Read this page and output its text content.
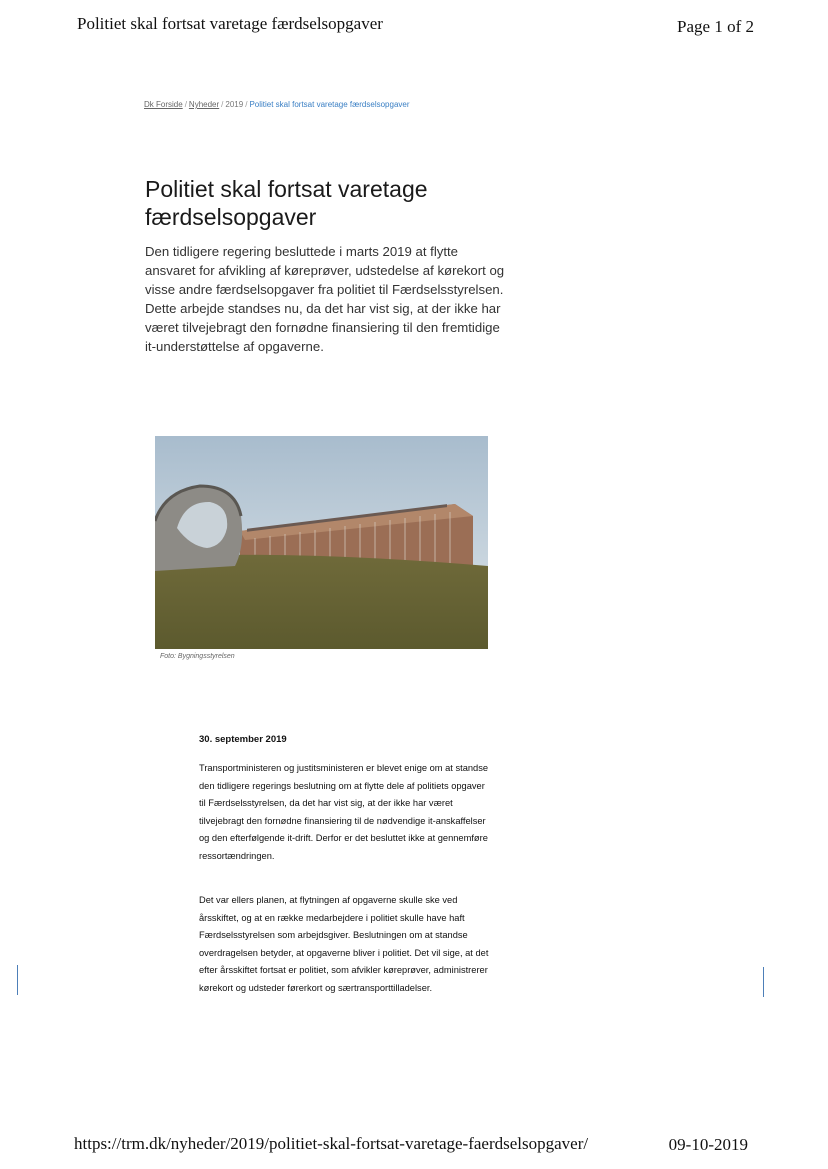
Politiet skal fortsat varetage færdselsopgaver	Page 1 of 2
Dk Forside / Nyheder / 2019 / Politiet skal fortsat varetage færdselsopgaver
Politiet skal fortsat varetage færdselsopgaver

Den tidligere regering besluttede i marts 2019 at flytte ansvaret for afvikling af køreprøver, udstedelse af kørekort og visse andre færdselsopgaver fra politiet til Færdselsstyrelsen. Dette arbejde standses nu, da det har vist sig, at der ikke har været tilvejebragt den fornødne finansiering til den fremtidige it-understøttelse af opgaverne.

Foto: Bygningsstyrelsen
30. september 2019

Transportministeren og justitsministeren er blevet enige om at standse den tidligere regerings beslutning om at flytte dele af politiets opgaver til Færdselsstyrelsen, da det har vist sig, at der ikke har været tilvejebragt den fornødne finansiering til de nødvendige it-anskaffelser og den efterfølgende it-drift. Derfor er det besluttet ikke at gennemføre ressortændringen.

Det var ellers planen, at flytningen af opgaverne skulle ske ved årsskiftet, og at en række medarbejdere i politiet skulle have haft Færdselsstyrelsen som arbejdsgiver. Beslutningen om at standse overdragelsen betyder, at opgaverne bliver i politiet. Det vil sige, at det efter årsskiftet fortsat er politiet, som afvikler køreprøver, administrerer kørekort og udsteder førerkort og særtransporttilladelser.

https://trm.dk/nyheder/2019/politiet-skal-fortsat-varetage-faerdselsopgaver/	09-10-2019
